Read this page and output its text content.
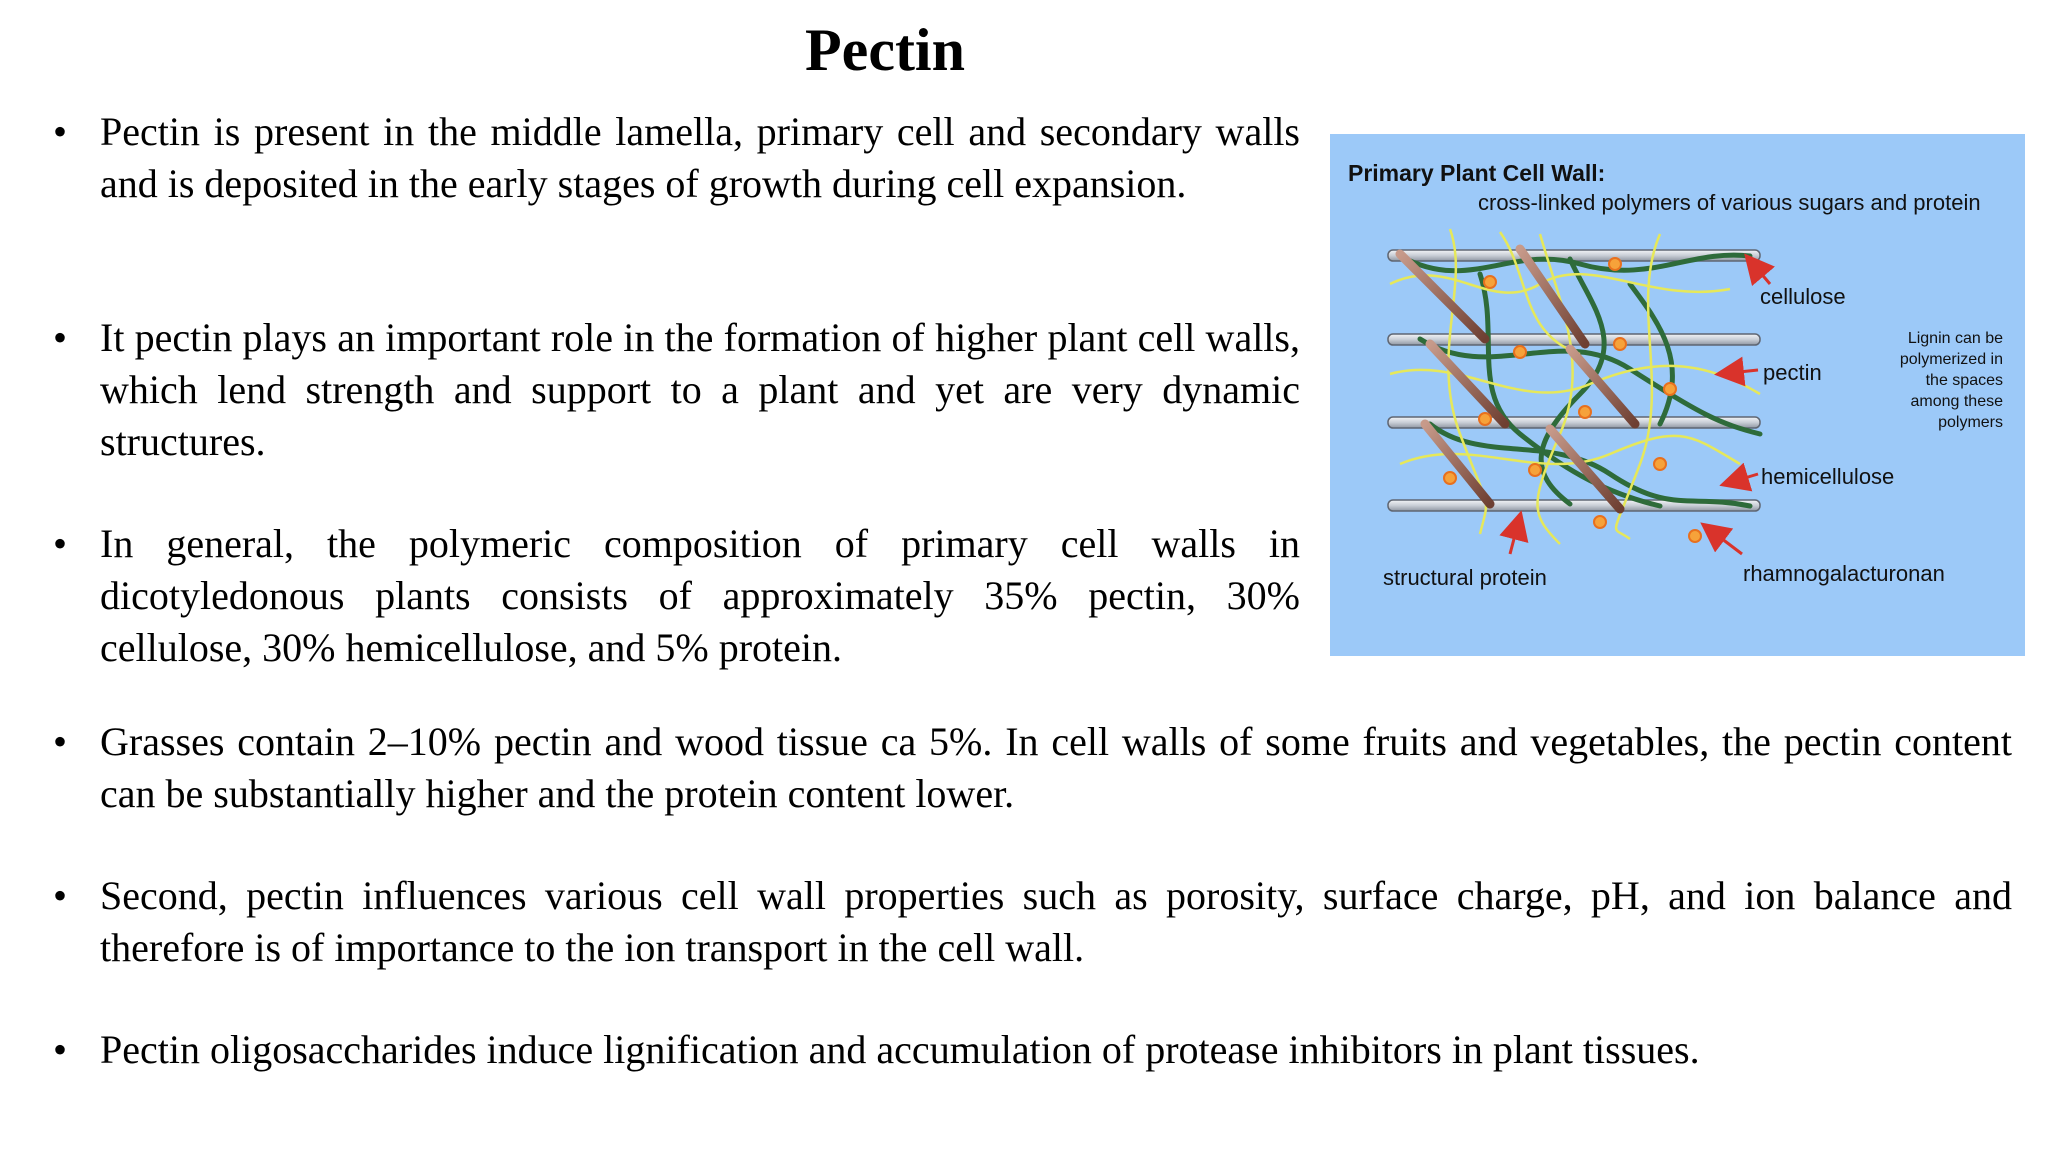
Pectin
• Pectin is present in the middle lamella, primary cell and secondary walls and is deposited in the early stages of growth during cell expansion.
• It pectin plays an important role in the formation of higher plant cell walls, which lend strength and support to a plant and yet are very dynamic structures.
• In general, the polymeric composition of primary cell walls in dicotyledonous plants consists of approximately 35% pectin, 30% cellulose, 30% hemicellulose, and 5% protein.
• Grasses contain 2–10% pectin and wood tissue ca 5%. In cell walls of some fruits and vegetables, the pectin content can be substantially higher and the protein content lower.
• Second, pectin influences various cell wall properties such as porosity, surface charge, pH, and ion balance and therefore is of importance to the ion transport in the cell wall.
• Pectin oligosaccharides induce lignification and accumulation of protease inhibitors in plant tissues.
Primary Plant Cell Wall:
cross-linked polymers of various sugars and protein
cellulose
pectin
hemicellulose
structural protein	rhamnogalacturonan
Lignin can be
polymerized in
the spaces
among these
polymers
